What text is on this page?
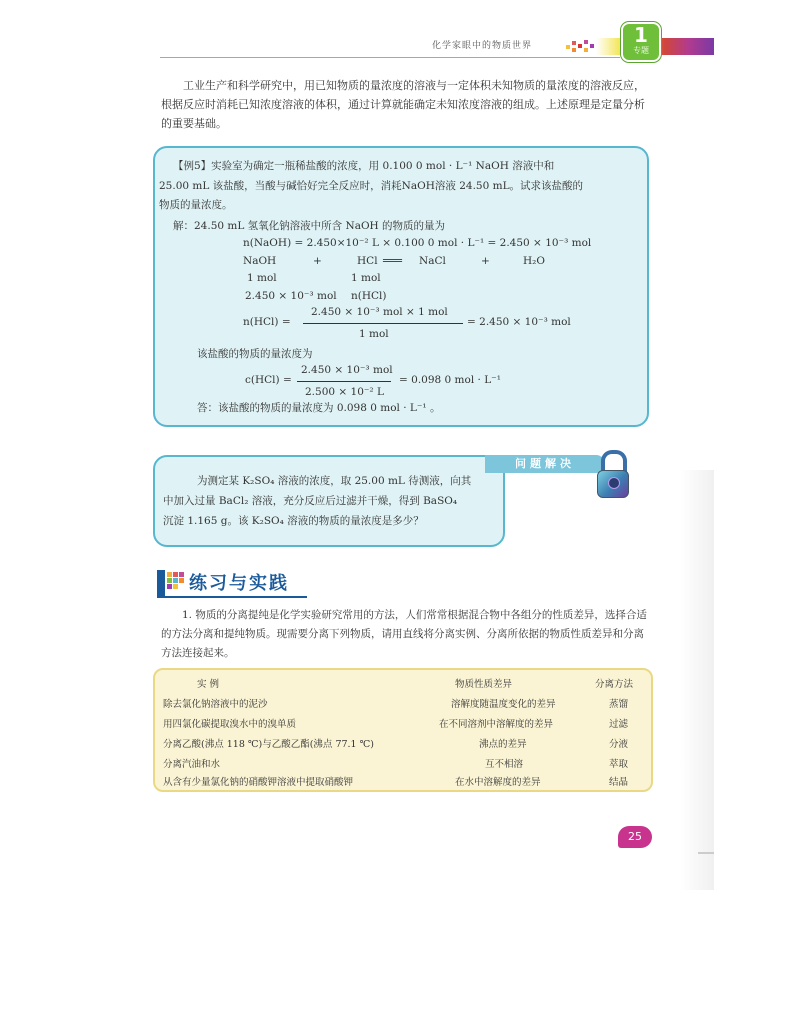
化学家眼中的物质世界	1
专题
工业生产和科学研究中，用已知物质的量浓度的溶液与一定体积未知物质的量浓度的溶液反应，根据反应时消耗已知浓度溶液的体积，通过计算就能确定未知浓度溶液的组成。上述原理是定量分析的重要基础。
【例5】实验室为确定一瓶稀盐酸的浓度，用 0.100 0 mol · L⁻¹ NaOH 溶液中和
25.00 mL 该盐酸，当酸与碱恰好完全反应时，消耗NaOH溶液 24.50 mL。试求该盐酸的
物质的量浓度。
解：24.50 mL 氢氧化钠溶液中所含 NaOH 的物质的量为
n(NaOH) = 2.450×10⁻² L × 0.100 0 mol · L⁻¹ = 2.450 × 10⁻³ mol
NaOH	+	HCl ═══ NaCl	+	H₂O
1 mol	1 mol
2.450 × 10⁻³ mol n(HCl)
n(HCl) =
2.450 × 10⁻³ mol × 1 mol
1 mol
= 2.450 × 10⁻³ mol
该盐酸的物质的量浓度为
c(HCl) =
2.450 × 10⁻³ mol
2.500 × 10⁻² L
= 0.098 0 mol · L⁻¹
答：该盐酸的物质的量浓度为 0.098 0 mol · L⁻¹ 。
为测定某 K₂SO₄ 溶液的浓度，取 25.00 mL 待测液，向其
中加入过量 BaCl₂ 溶液，充分反应后过滤并干燥，得到 BaSO₄
沉淀 1.165 g。该 K₂SO₄ 溶液的物质的量浓度是多少？
问题解决
练习与实践
1. 物质的分离提纯是化学实验研究常用的方法，人们常常根据混合物中各组分的性质差异，选择合适的方法分离和提纯物质。现需要分离下列物质，请用直线将分离实例、分离所依据的物质性质差异和分离方法连接起来。
实 例	物质性质差异	分离方法
除去氯化钠溶液中的泥沙	溶解度随温度变化的差异	蒸馏
用四氯化碳提取溴水中的溴单质	在不同溶剂中溶解度的差异	过滤
分离乙酸(沸点 118 ℃)与乙酸乙酯(沸点 77.1 ℃)	沸点的差异	分液
分离汽油和水	互不相溶	萃取
从含有少量氯化钠的硝酸钾溶液中提取硝酸钾	在水中溶解度的差异	结晶
25
